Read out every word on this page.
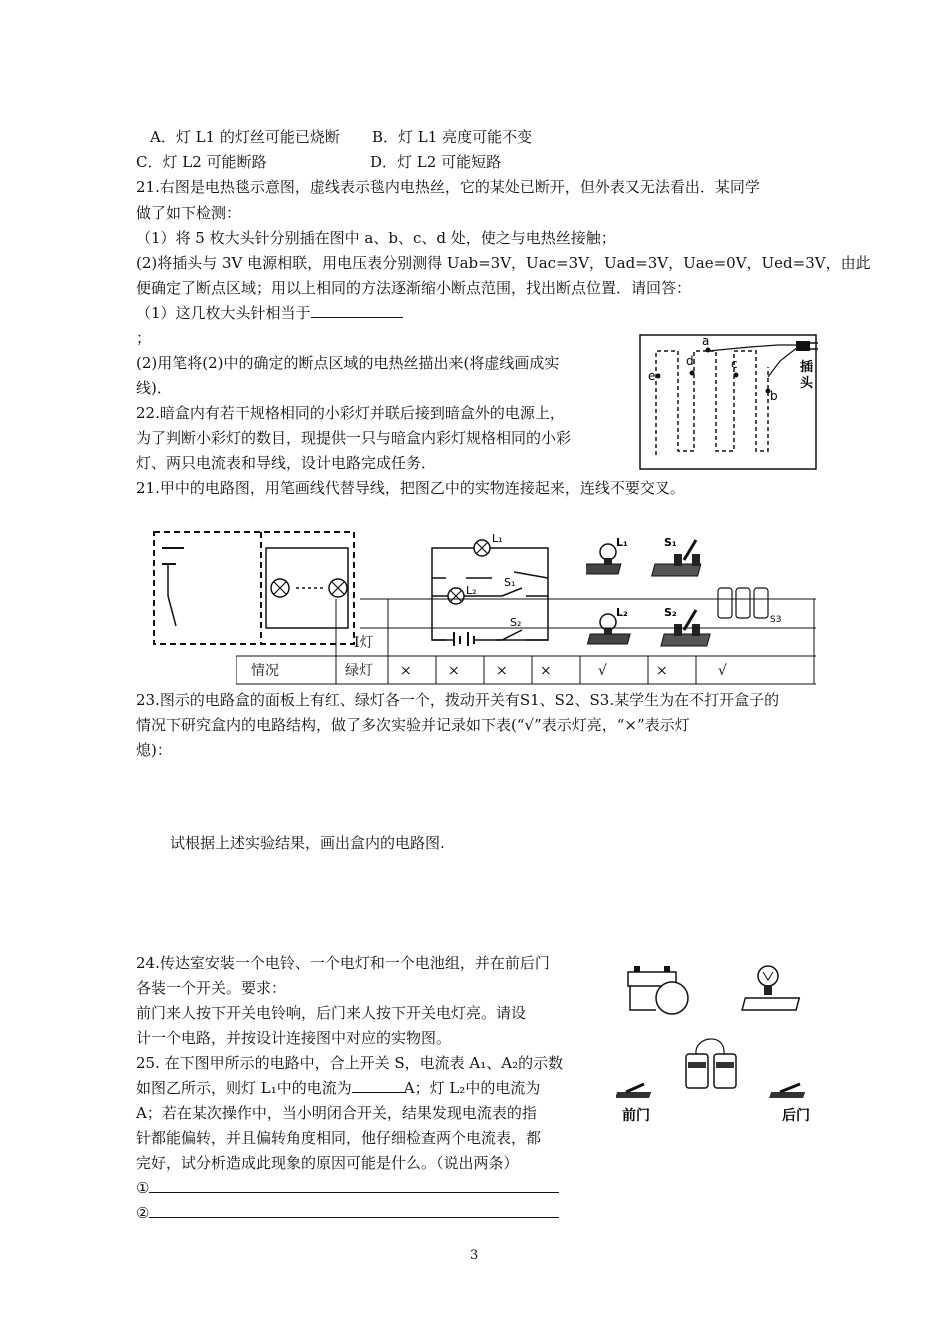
A．灯 L1 的灯丝可能已烧断 B．灯 L1 亮度可能不变
C．灯 L2 可能断路	D．灯 L2 可能短路
21.右图是电热毯示意图，虚线表示毯内电热丝，它的某处已断开，但外表又无法看出．某同学
做了如下检测：
（1）将 5 枚大头针分别插在图中 a、b、c、d 处，使之与电热丝接触；
(2)将插头与 3V 电源相联，用电压表分别测得 Uab=3V，Uac=3V，Uad=3V，Uae=0V，Ued=3V，由此
便确定了断点区域；用以上相同的方法逐渐缩小断点范围，找出断点位置．请回答：
（1）这几枚大头针相当于
；
(2)用笔将(2)中的确定的断点区域的电热丝描出来(将虚线画成实
线)．
22.暗盒内有若干规格相同的小彩灯并联后接到暗盒外的电源上，
为了判断小彩灯的数目，现提供一只与暗盒内彩灯规格相同的小彩
灯、两只电流表和导线，设计电路完成任务．
e
d
a
c
b
插
头
21.甲中的电路图，用笔画线代替导线，把图乙中的实物连接起来，连线不要交叉。
L₁
L₂
S₁
S₂
L₁	S₁
L₂	S₂
S3
I灯
情况	绿灯 ×	×	× ×	√	×	√
23.图示的电路盒的面板上有红、绿灯各一个，拨动开关有S1、S2、S3.某学生为在不打开盒子的
情况下研究盒内的电路结构，做了多次实验并记录如下表(“√”表示灯亮，“×”表示灯
熄)：
试根据上述实验结果，画出盒内的电路图.
24.传达室安装一个电铃、一个电灯和一个电池组，并在前后门
各装一个开关。要求：
前门来人按下开关电铃响，后门来人按下开关电灯亮。请设
计一个电路，并按设计连接图中对应的实物图。
25. 在下图甲所示的电路中，合上开关 S，电流表 A₁、A₂的示数
如图乙所示，则灯 L₁中的电流为	A；灯 L₂中的电流为
A；若在某次操作中，当小明闭合开关，结果发现电流表的指
针都能偏转，并且偏转角度相同，他仔细检查两个电流表，都
完好，试分析造成此现象的原因可能是什么。（说出两条）
①
②
前门	后门
3
